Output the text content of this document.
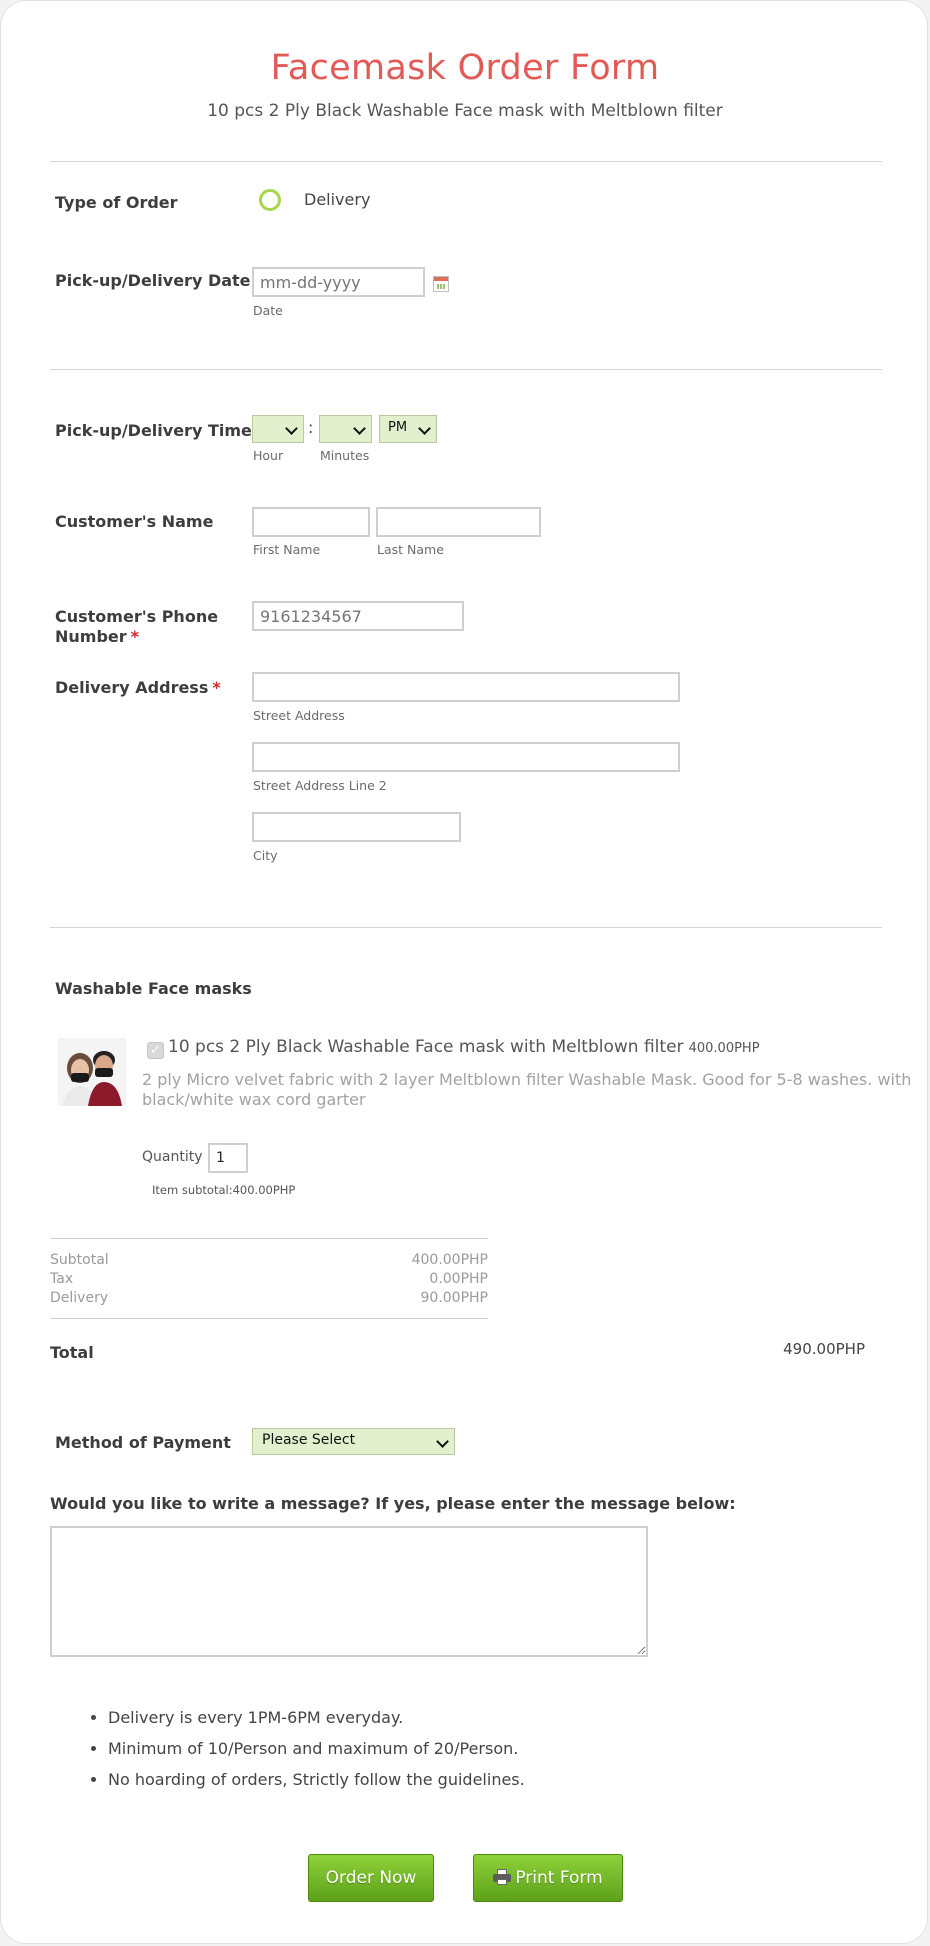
Facemask Order Form
10 pcs 2 Ply Black Washable Face mask with Meltblown filter
Type of Order	Delivery
Pick-up/Delivery Date
mm-dd-yyyy
Date
Pick-up/Delivery Time	:	PM
Hour	Minutes
Customer's Name
First Name	Last Name
Customer's Phone Number *
9161234567
Delivery Address *
Street Address
Street Address Line 2
City
Washable Face masks
✓ 10 pcs 2 Ply Black Washable Face mask with Meltblown filter 400.00PHP
2 ply Micro velvet fabric with 2 layer Meltblown filter Washable Mask. Good for 5-8 washes. with black/white wax cord garter
Quantity 1
Item subtotal:400.00PHP
Subtotal	400.00PHP
Tax	0.00PHP
Delivery	90.00PHP
Total	490.00PHP
Method of Payment	Please Select
Would you like to write a message? If yes, please enter the message below:
• Delivery is every 1PM-6PM everyday.
• Minimum of 10/Person and maximum of 20/Person.
• No hoarding of orders, Strictly follow the guidelines.
Order Now	Print Form
